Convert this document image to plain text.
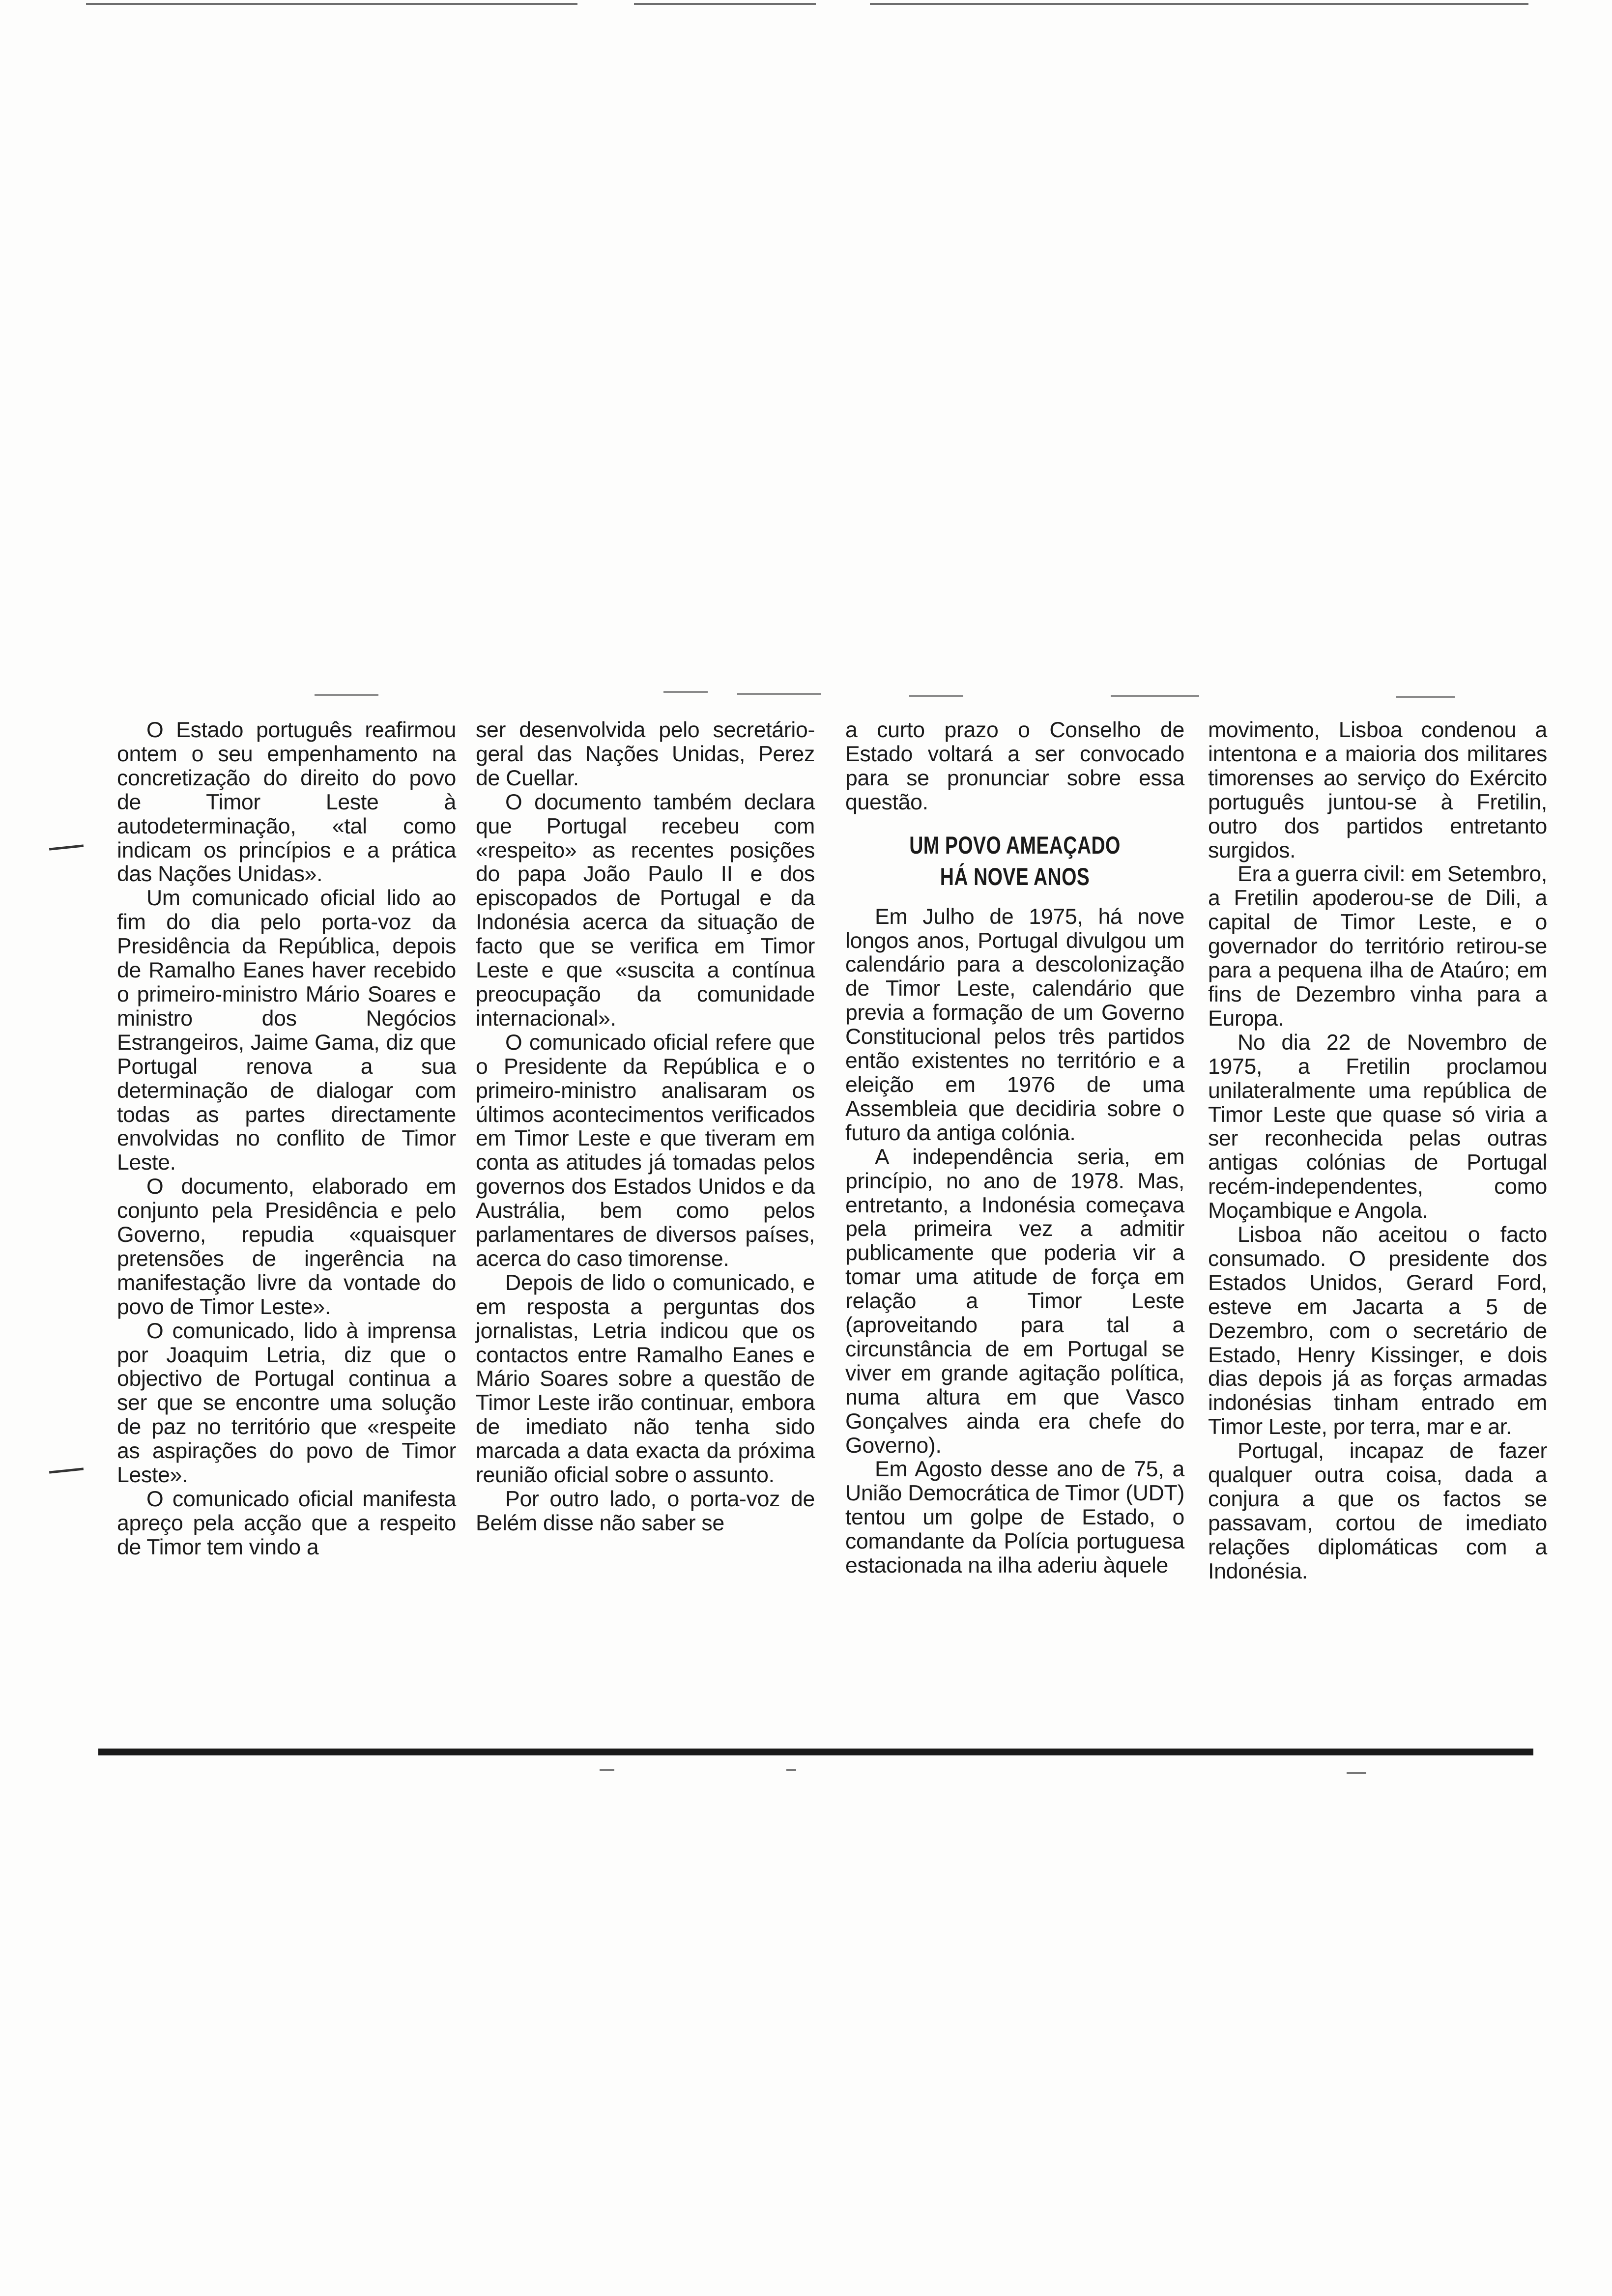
O Estado português reafirmou ontem o seu empenhamento na concretização do direito do povo de Timor Leste à autodeterminação, «tal como indicam os princípios e a prática das Nações Unidas».

Um comunicado oficial lido ao fim do dia pelo porta-voz da Presidência da República, depois de Ramalho Eanes haver recebido o primeiro-ministro Mário Soares e ministro dos Negócios Estrangeiros, Jaime Gama, diz que Portugal renova a sua determinação de dialogar com todas as partes directamente envolvidas no conflito de Timor Leste.

O documento, elaborado em conjunto pela Presidência e pelo Governo, repudia «quaisquer pretensões de ingerência na manifestação livre da vontade do povo de Timor Leste».

O comunicado, lido à imprensa por Joaquim Letria, diz que o objectivo de Portugal continua a ser que se encontre uma solução de paz no território que «respeite as aspirações do povo de Timor Leste».

O comunicado oficial manifesta apreço pela acção que a respeito de Timor tem vindo a

ser desenvolvida pelo secretário-geral das Nações Unidas, Perez de Cuellar.

O documento também declara que Portugal recebeu com «respeito» as recentes posições do papa João Paulo II e dos episcopados de Portugal e da Indonésia acerca da situação de facto que se verifica em Timor Leste e que «suscita a contínua preocupação da comunidade internacional».

O comunicado oficial refere que o Presidente da República e o primeiro-ministro analisaram os últimos acontecimentos verificados em Timor Leste e que tiveram em conta as atitudes já tomadas pelos governos dos Estados Unidos e da Austrália, bem como pelos parlamentares de diversos países, acerca do caso timorense.

Depois de lido o comunicado, e em resposta a perguntas dos jornalistas, Letria indicou que os contactos entre Ramalho Eanes e Mário Soares sobre a questão de Timor Leste irão continuar, embora de imediato não tenha sido marcada a data exacta da próxima reunião oficial sobre o assunto.

Por outro lado, o porta-voz de Belém disse não saber se

a curto prazo o Conselho de Estado voltará a ser convocado para se pronunciar sobre essa questão.

UM POVO AMEAÇADO
HÁ NOVE ANOS

Em Julho de 1975, há nove longos anos, Portugal divulgou um calendário para a descolonização de Timor Leste, calendário que previa a formação de um Governo Constitucional pelos três partidos então existentes no território e a eleição em 1976 de uma Assembleia que decidiria sobre o futuro da antiga colónia.

A independência seria, em princípio, no ano de 1978. Mas, entretanto, a Indonésia começava pela primeira vez a admitir publicamente que poderia vir a tomar uma atitude de força em relação a Timor Leste (aproveitando para tal a circunstância de em Portugal se viver em grande agitação política, numa altura em que Vasco Gonçalves ainda era chefe do Governo).

Em Agosto desse ano de 75, a União Democrática de Timor (UDT) tentou um golpe de Estado, o comandante da Polícia portuguesa estacionada na ilha aderiu àquele

movimento, Lisboa condenou a intentona e a maioria dos militares timorenses ao serviço do Exército português juntou-se à Fretilin, outro dos partidos entretanto surgidos.

Era a guerra civil: em Setembro, a Fretilin apoderou-se de Dili, a capital de Timor Leste, e o governador do território retirou-se para a pequena ilha de Ataúro; em fins de Dezembro vinha para a Europa.

No dia 22 de Novembro de 1975, a Fretilin proclamou unilateralmente uma república de Timor Leste que quase só viria a ser reconhecida pelas outras antigas colónias de Portugal recém-independentes, como Moçambique e Angola.

Lisboa não aceitou o facto consumado. O presidente dos Estados Unidos, Gerard Ford, esteve em Jacarta a 5 de Dezembro, com o secretário de Estado, Henry Kissinger, e dois dias depois já as forças armadas indonésias tinham entrado em Timor Leste, por terra, mar e ar.

Portugal, incapaz de fazer qualquer outra coisa, dada a conjura a que os factos se passavam, cortou de imediato relações diplomáticas com a Indonésia.
